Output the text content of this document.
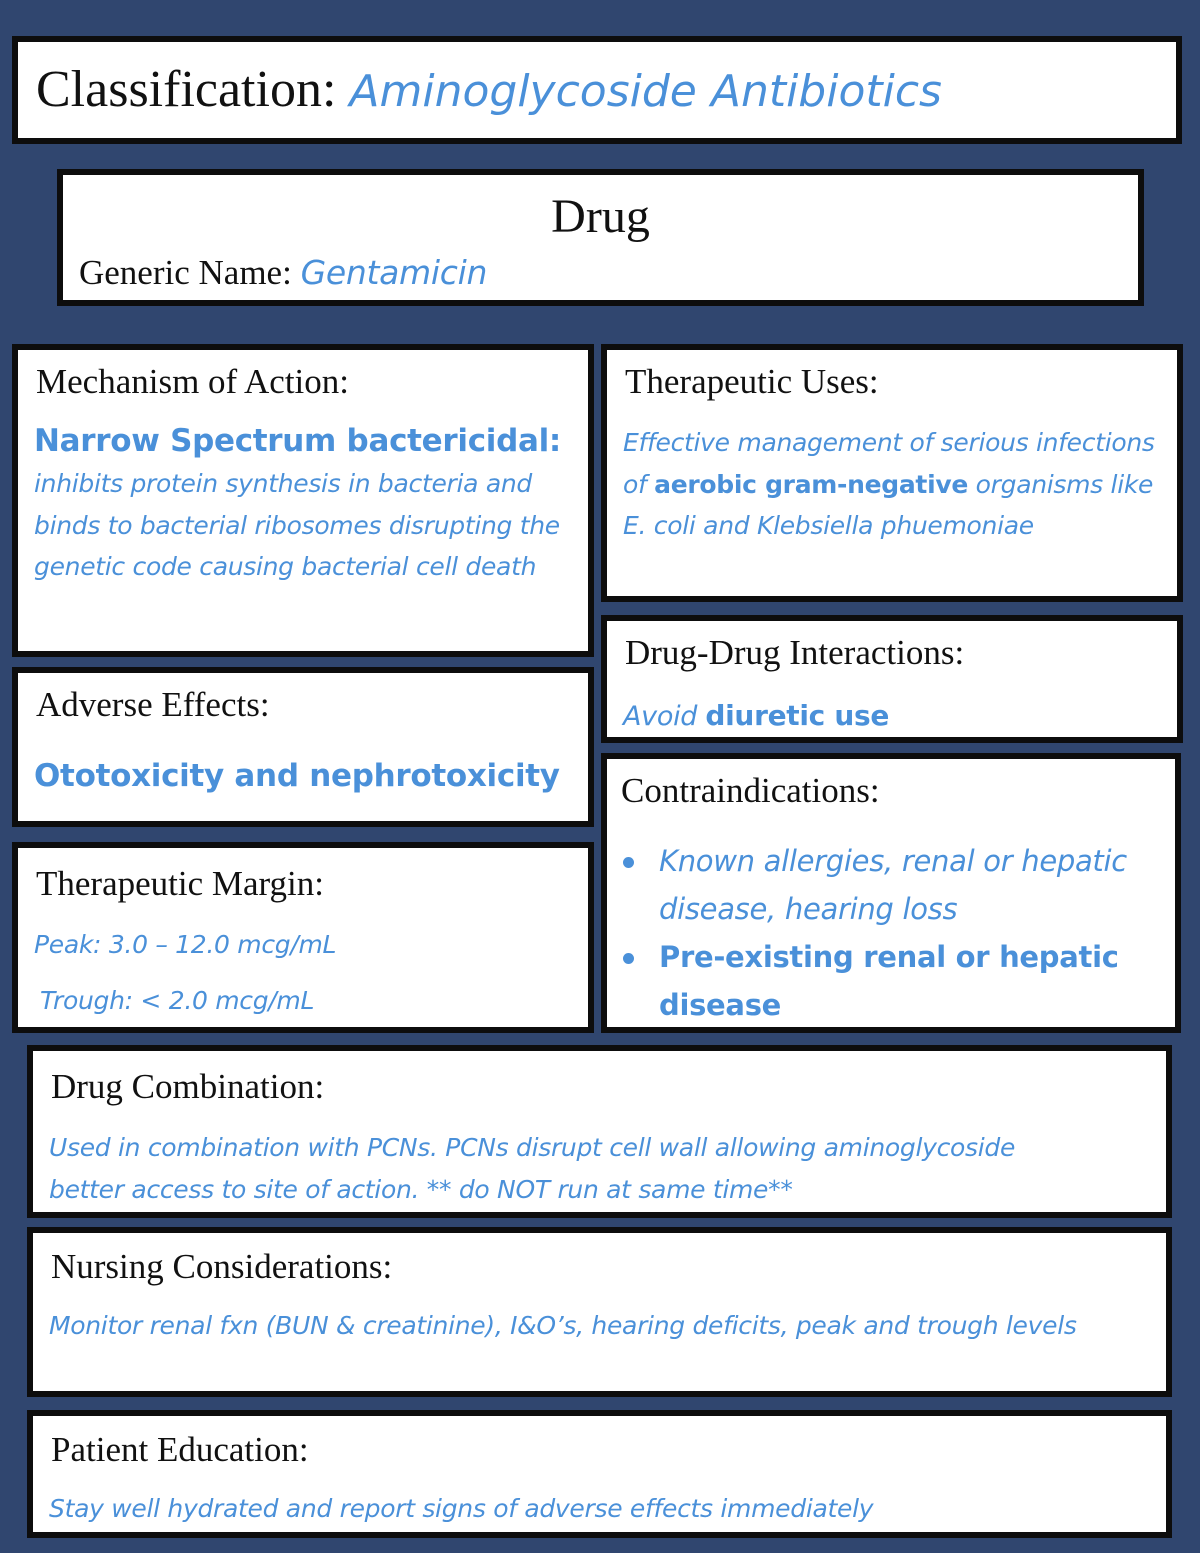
Classification: Aminoglycoside Antibiotics
Drug
Generic Name: Gentamicin
Mechanism of Action:
Narrow Spectrum bactericidal:
inhibits protein synthesis in bacteria and binds to bacterial ribosomes disrupting the genetic code causing bacterial cell death
Therapeutic Uses:
Effective management of serious infections of aerobic gram-negative organisms like E. coli and Klebsiella phuemoniae
Drug-Drug Interactions:
Avoid diuretic use
Adverse Effects:
Ototoxicity and nephrotoxicity	Contraindications:
Known allergies, renal or hepatic disease, hearing loss
Pre-existing renal or hepatic disease
Therapeutic Margin:
Peak: 3.0 – 12.0 mcg/mL
Trough: < 2.0 mcg/mL
Drug Combination:
Used in combination with PCNs. PCNs disrupt cell wall allowing aminoglycoside better access to site of action. ** do NOT run at same time**
Nursing Considerations:
Monitor renal fxn (BUN & creatinine), I&O’s, hearing deficits, peak and trough levels
Patient Education:
Stay well hydrated and report signs of adverse effects immediately
